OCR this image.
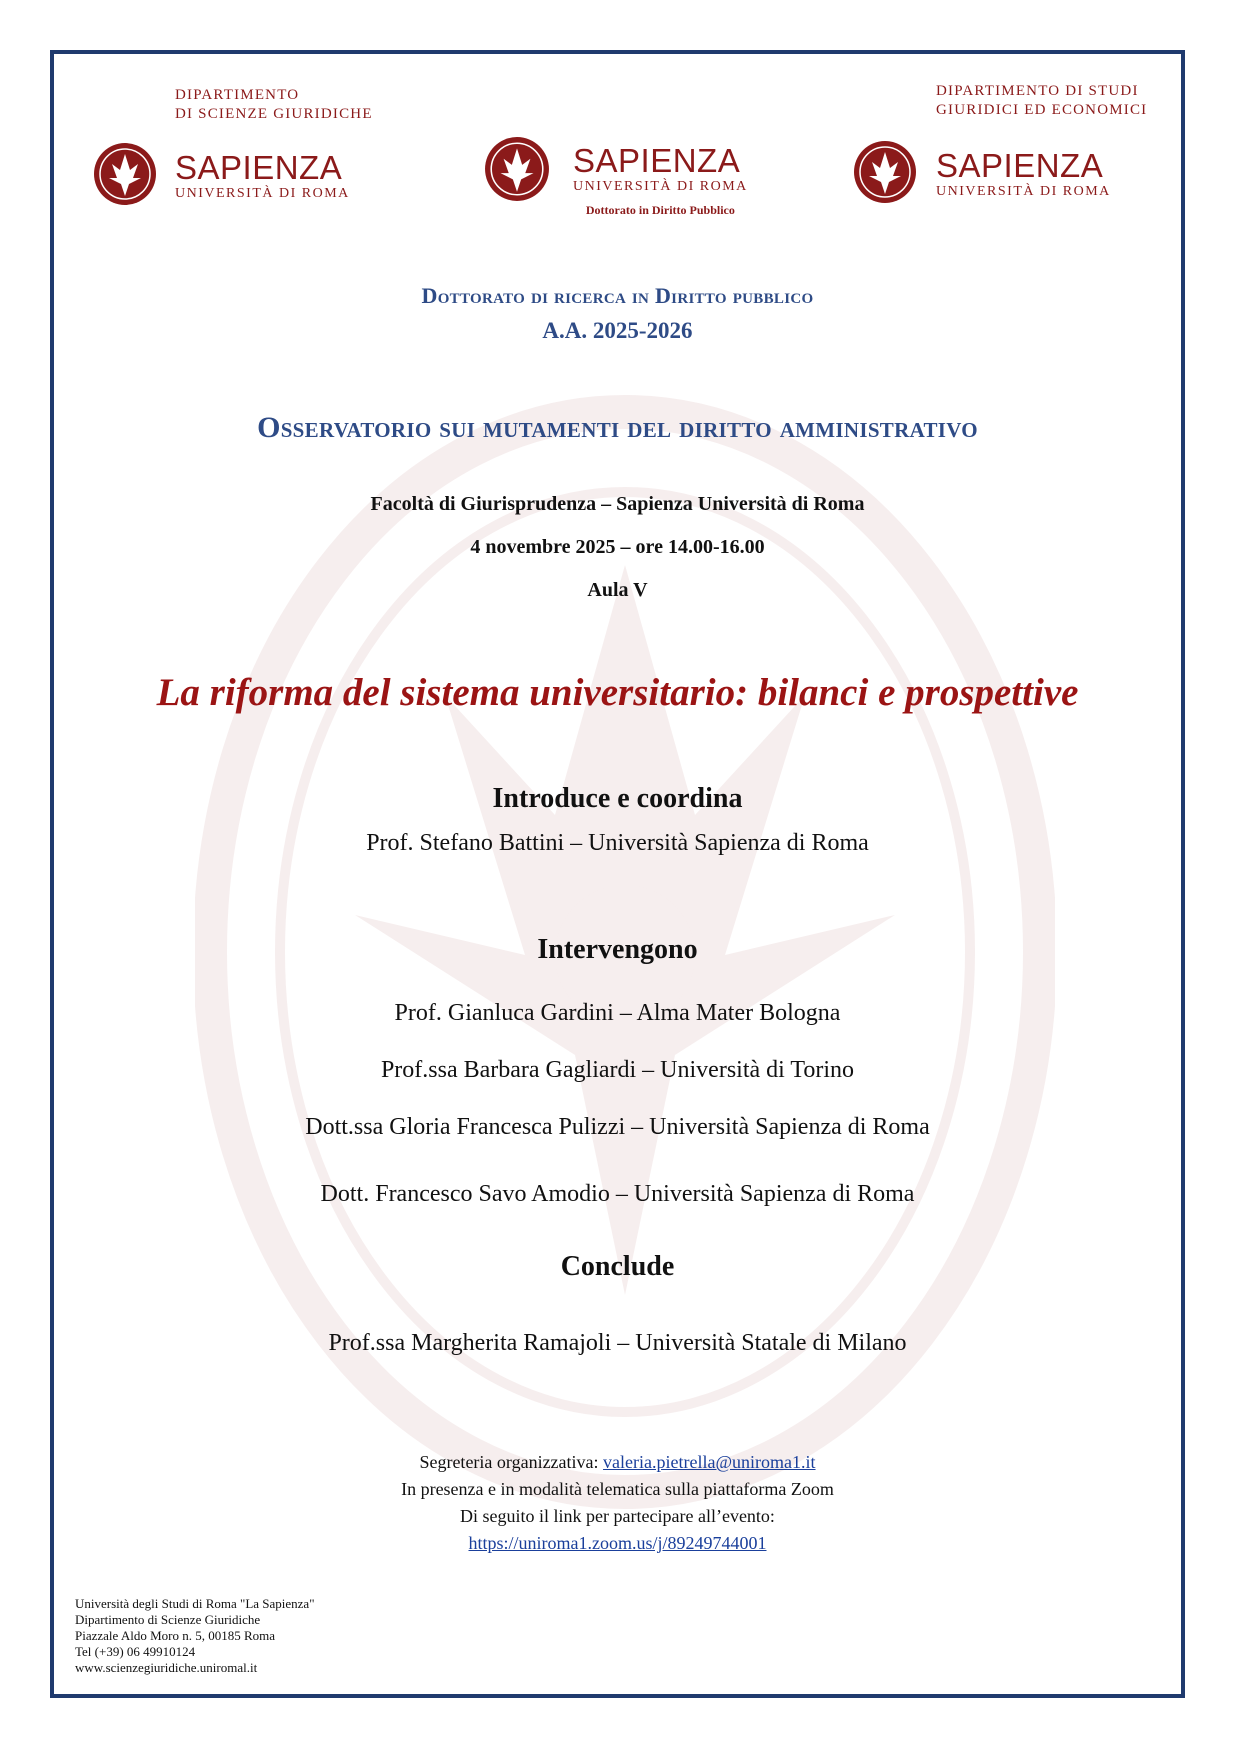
DIPARTIMENTO
DI SCIENZE GIURIDICHE
DIPARTIMENTO DI STUDI
GIURIDICI ED ECONOMICI
SAPIENZA
UNIVERSITÀ DI ROMA
SAPIENZA
UNIVERSITÀ DI ROMA
Dottorato in Diritto Pubblico
SAPIENZA
UNIVERSITÀ DI ROMA
Dottorato di ricerca in Diritto pubblico
A.A. 2025-2026
Osservatorio sui mutamenti del diritto amministrativo
Facoltà di Giurisprudenza – Sapienza Università di Roma
4 novembre 2025 – ore 14.00-16.00
Aula V
La riforma del sistema universitario: bilanci e prospettive
Introduce e coordina
Prof. Stefano Battini – Università Sapienza di Roma
Intervengono
Prof. Gianluca Gardini – Alma Mater Bologna
Prof.ssa Barbara Gagliardi – Università di Torino
Dott.ssa Gloria Francesca Pulizzi – Università Sapienza di Roma
Dott. Francesco Savo Amodio – Università Sapienza di Roma
Conclude
Prof.ssa Margherita Ramajoli – Università Statale di Milano
Segreteria organizzativa: valeria.pietrella@uniroma1.it
In presenza e in modalità telematica sulla piattaforma Zoom
Di seguito il link per partecipare all’evento:
https://uniroma1.zoom.us/j/89249744001
Università degli Studi di Roma "La Sapienza"
Dipartimento di Scienze Giuridiche
Piazzale Aldo Moro n. 5, 00185 Roma
Tel (+39) 06 49910124
www.scienzegiuridiche.uniromal.it
